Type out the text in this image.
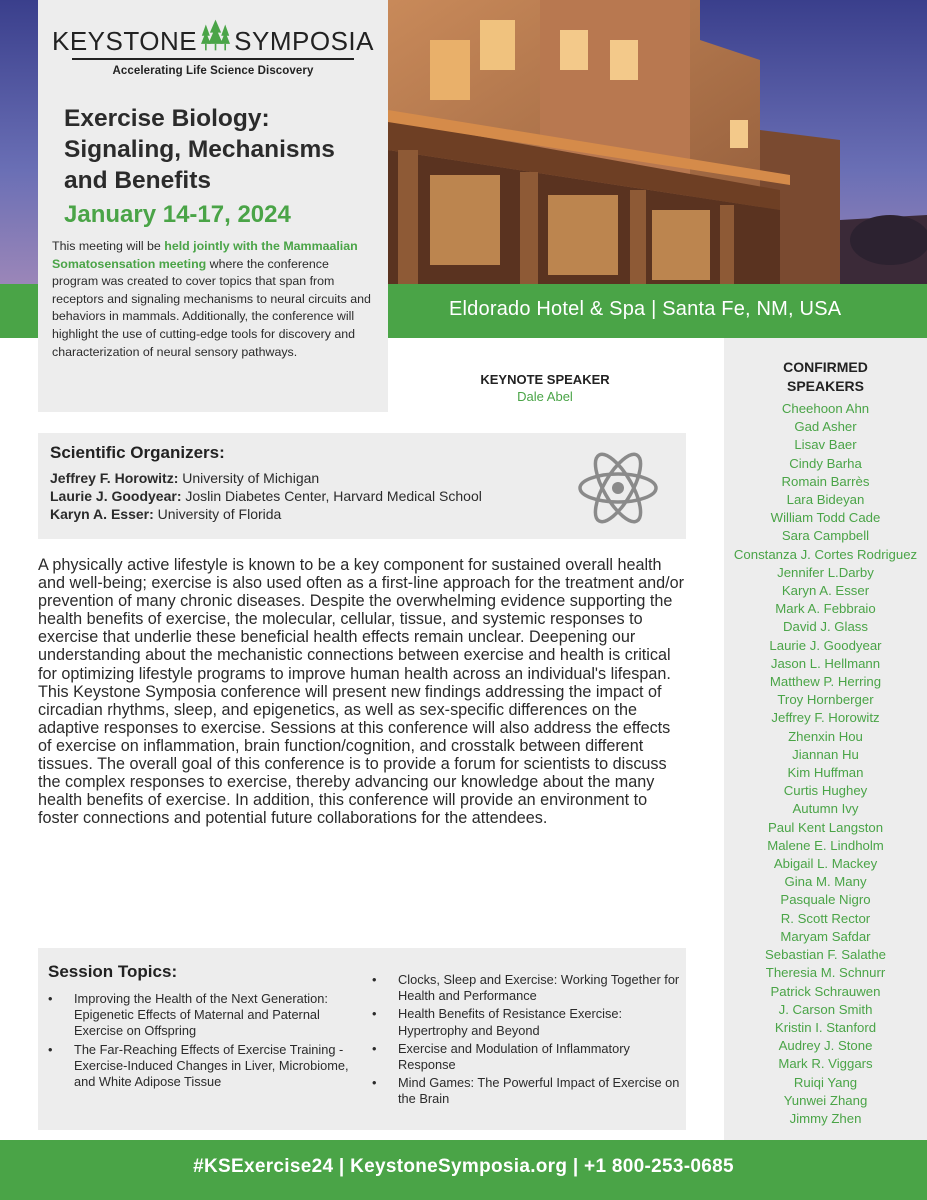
Eldorado Hotel & Spa | Santa Fe, NM, USA
KEYSTONE SYMPOSIA
Accelerating Life Science Discovery
Exercise Biology: Signaling, Mechanisms and Benefits
January 14-17, 2024

This meeting will be held jointly with the Mammaalian Somatosensation meeting where the conference program was created to cover topics that span from receptors and signaling mechanisms to neural circuits and behaviors in mammals. Additionally, the conference will highlight the use of cutting-edge tools for discovery and characterization of neural sensory pathways.

KEYNOTE SPEAKER
Dale Abel
Scientific Organizers:
Jeffrey F. Horowitz: University of Michigan
Laurie J. Goodyear: Joslin Diabetes Center, Harvard Medical School
Karyn A. Esser: University of Florida

A physically active lifestyle is known to be a key component for sustained overall health and well-being; exercise is also used often as a first-line approach for the treatment and/or prevention of many chronic diseases. Despite the overwhelming evidence supporting the health benefits of exercise, the molecular, cellular, tissue, and systemic responses to exercise that underlie these beneficial health effects remain unclear. Deepening our understanding about the mechanistic connections between exercise and health is critical for optimizing lifestyle programs to improve human health across an individual's lifespan. This Keystone Symposia conference will present new findings addressing the impact of circadian rhythms, sleep, and epigenetics, as well as sex-specific differences on the adaptive responses to exercise. Sessions at this conference will also address the effects of exercise on inflammation, brain function/cognition, and crosstalk between different tissues. The overall goal of this conference is to provide a forum for scientists to discuss the complex responses to exercise, thereby advancing our knowledge about the many health benefits of exercise. In addition, this conference will provide an environment to foster connections and potential future collaborations for the attendees.

Session Topics:
• Improving the Health of the Next Generation: Epigenetic Effects of Maternal and Paternal Exercise on Offspring
• The Far-Reaching Effects of Exercise Training - Exercise-Induced Changes in Liver, Microbiome, and White Adipose Tissue
• Clocks, Sleep and Exercise: Working Together for Health and Performance
• Health Benefits of Resistance Exercise: Hypertrophy and Beyond
• Exercise and Modulation of Inflammatory Response
• Mind Games: The Powerful Impact of Exercise on the Brain
CONFIRMED
SPEAKERS
Cheehoon Ahn
Gad Asher
Lisav Baer
Cindy Barha
Romain Barrès
Lara Bideyan
William Todd Cade
Sara Campbell
Constanza J. Cortes Rodriguez
Jennifer L.Darby
Karyn A. Esser
Mark A. Febbraio
David J. Glass
Laurie J. Goodyear
Jason L. Hellmann
Matthew P. Herring
Troy Hornberger
Jeffrey F. Horowitz
Zhenxin Hou
Jiannan Hu
Kim Huffman
Curtis Hughey
Autumn Ivy
Paul Kent Langston
Malene E. Lindholm
Abigail L. Mackey
Gina M. Many
Pasquale Nigro
R. Scott Rector
Maryam Safdar
Sebastian F. Salathe
Theresia M. Schnurr
Patrick Schrauwen
J. Carson Smith
Kristin I. Stanford
Audrey J. Stone
Mark R. Viggars
Ruiqi Yang
Yunwei Zhang
Jimmy Zhen
#KSExercise24 | KeystoneSymposia.org | +1 800-253-0685
